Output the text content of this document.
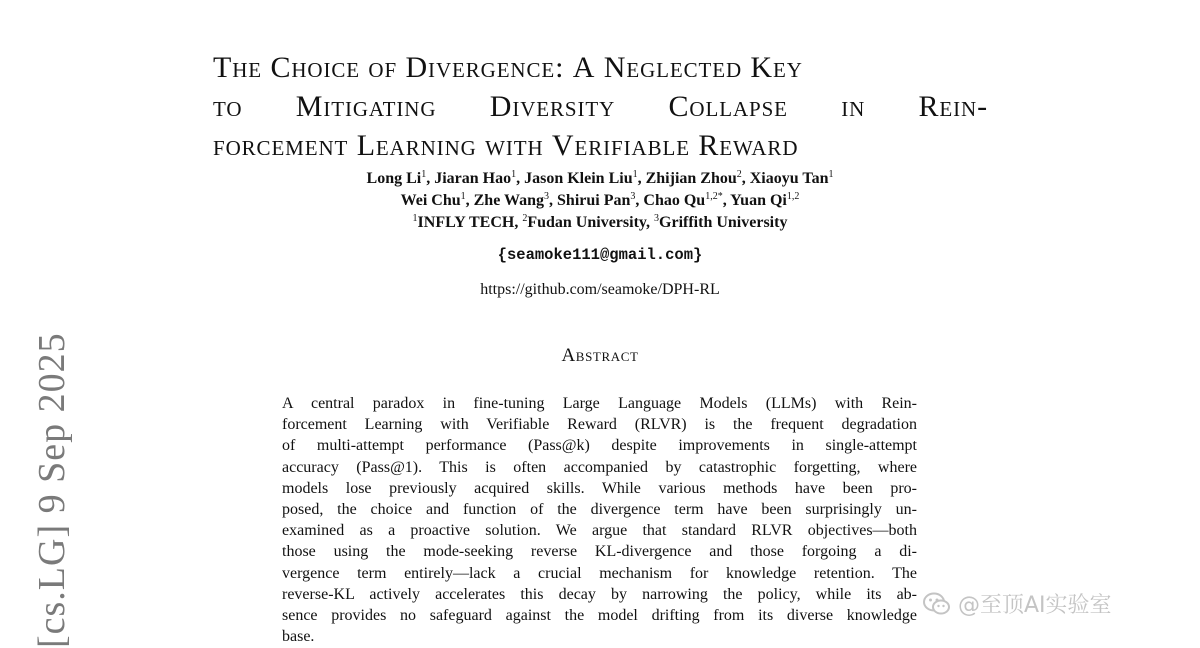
The Choice of Divergence: A Neglected Key
to Mitigating Diversity Collapse in Rein-
forcement Learning with Verifiable Reward
Long Li$^1$, Jiaran Hao$^1$, Jason Klein Liu$^1$, Zhijian Zhou$^2$, Xiaoyu Tan$^1$
Wei Chu$^1$, Zhe Wang$^3$, Shirui Pan$^3$, Chao $Qu^{1,2*}$, Yuan Qi$^{1,2}$
$^1$INFLY TECH, $^2$Fudan University, $^3$Griffith University
{seamoke111@gmail.com}
https://github.com/seamoke/DPH-RL
Abstract
A central paradox in fine-tuning Large Language Models (LLMs) with Rein-
forcement Learning with Verifiable Reward (RLVR) is the frequent degradation
of multi-attempt performance (Pass@k) despite improvements in single-attempt
accuracy (Pass@1). This is often accompanied by catastrophic forgetting, where
models lose previously acquired skills. While various methods have been pro-
posed, the choice and function of the divergence term have been surprisingly un-
examined as a proactive solution. We argue that standard RLVR objectives—both
those using the mode-seeking reverse KL-divergence and those forgoing a di-
vergence term entirely—lack a crucial mechanism for knowledge retention. The
reverse-KL actively accelerates this decay by narrowing the policy, while its ab-
sence provides no safeguard against the model drifting from its diverse knowledge
base.
[cs.LG] 9 Sep 2025	@至顶AI实验室
